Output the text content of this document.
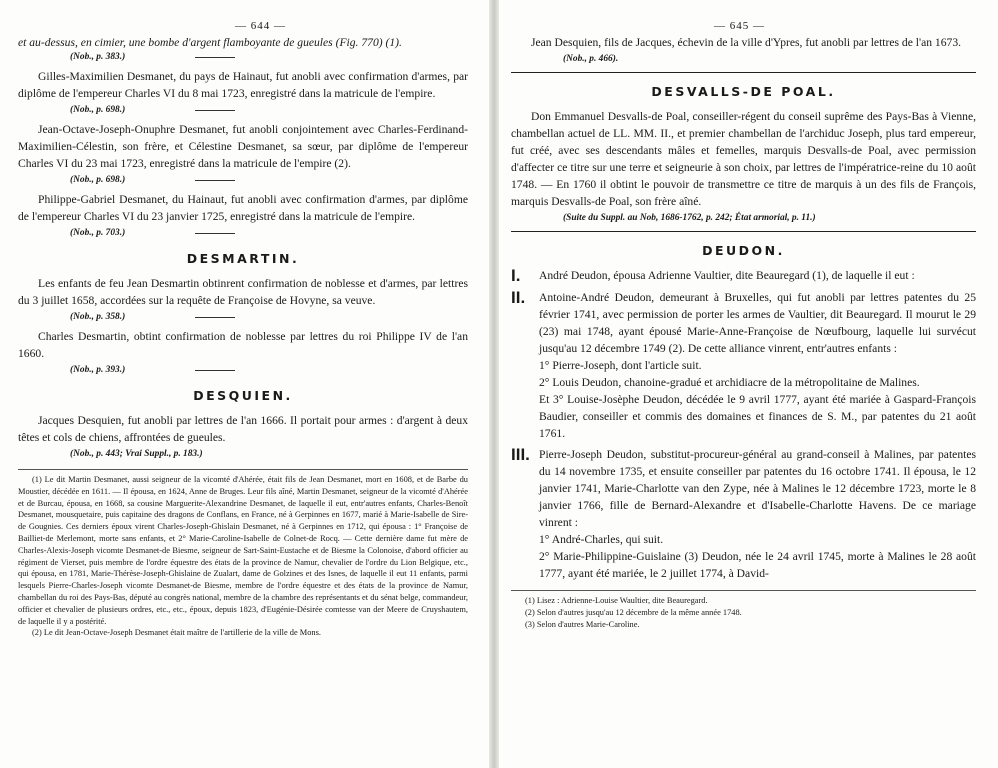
— 644 —

et au-dessus, en cimier, une bombe d'argent flamboyante de gueules (Fig. 770) (1).

(Nob., p. 383.)

Gilles-Maximilien Desmanet, du pays de Hainaut, fut anobli avec confirmation d'armes, par diplôme de l'empereur Charles VI du 8 mai 1723, enregistré dans la matricule de l'empire.

(Nob., p. 698.)

Jean-Octave-Joseph-Onuphre Desmanet, fut anobli conjointement avec Charles-Ferdinand-Maximilien-Célestin, son frère, et Célestine Desmanet, sa sœur, par diplôme de l'empereur Charles VI du 23 mai 1723, enregistré dans la matricule de l'empire (2).

(Nob., p. 698.)

Philippe-Gabriel Desmanet, du Hainaut, fut anobli avec confirmation d'armes, par diplôme de l'empereur Charles VI du 23 janvier 1725, enregistré dans la matricule de l'empire.

(Nob., p. 703.)
DESMARTIN.

Les enfants de feu Jean Desmartin obtinrent confirmation de noblesse et d'armes, par lettres du 3 juillet 1658, accordées sur la requête de Françoise de Hovyne, sa veuve.

(Nob., p. 358.)

Charles Desmartin, obtint confirmation de noblesse par lettres du roi Philippe IV de l'an 1660.

(Nob., p. 393.)
DESQUIEN.

Jacques Desquien, fut anobli par lettres de l'an 1666. Il portait pour armes : d'argent à deux têtes et cols de chiens, affrontées de gueules.

(Nob., p. 443; Vrai Suppl., p. 183.)

(1) Le dit Martin Desmanet, aussi seigneur de la vicomté d'Ahérée, était fils de Jean Desmanet, mort en 1608, et de Barbe du Moustier, décédée en 1611. — Il épousa, en 1624, Anne de Bruges. Leur fils aîné, Martin Desmanet, seigneur de la vicomté d'Ahérée et de Burcau, épousa, en 1668, sa cousine Marguerite-Alexandrine Desmanet, de laquelle il eut, entr'autres enfants, Charles-Benoît Desmanet, mousquetaire, puis capitaine des dragons de Conflans, en France, né à Gerpinnes en 1677, marié à Marie-Isabelle de Sire-de Gougnies. Ces derniers époux virent Charles-Joseph-Ghislain Desmanet, né à Gerpinnes en 1712, qui épousa : 1° Françoise de Bailliet-de Merlemont, morte sans enfants, et 2° Marie-Caroline-Isabelle de Colnet-de Rocq. — Cette dernière dame fut mère de Charles-Alexis-Joseph vicomte Desmanet-de Biesme, seigneur de Sart-Saint-Eustache et de Biesme la Colonoise, d'abord officier au régiment de Vierset, puis membre de l'ordre équestre des états de la province de Namur, chevalier de l'ordre du Lion Belgique, etc., qui épousa, en 1781, Marie-Thérèse-Joseph-Ghislaine de Zualart, dame de Golzines et des Isnes, de laquelle il eut 11 enfants, parmi lesquels Pierre-Charles-Joseph vicomte Desmanet-de Biesme, membre de l'ordre équestre et des états de la province de Namur, chambellan du roi des Pays-Bas, député au congrès national, membre de la chambre des représentants et du sénat belge, commandeur, officier et chevalier de plusieurs ordres, etc., etc., époux, depuis 1823, d'Eugénie-Désirée comtesse van der Meere de Cruyshautem, de laquelle il y a postérité.

(2) Le dit Jean-Octave-Joseph Desmanet était maître de l'artillerie de la ville de Mons.

— 645 —

Jean Desquien, fils de Jacques, échevin de la ville d'Ypres, fut anobli par lettres de l'an 1673.

(Nob., p. 466).
DESVALLS-DE POAL.

Don Emmanuel Desvalls-de Poal, conseiller-régent du conseil suprême des Pays-Bas à Vienne, chambellan actuel de LL. MM. II., et premier chambellan de l'archiduc Joseph, plus tard empereur, fut créé, avec ses descendants mâles et femelles, marquis Desvalls-de Poal, avec permission d'affecter ce titre sur une terre et seigneurie à son choix, par lettres de l'impératrice-reine du 10 août 1748. — En 1760 il obtint le pouvoir de transmettre ce titre de marquis à un des fils de François, marquis Desvalls-de Poal, son frère aîné.

(Suite du Suppl. au Nob, 1686-1762, p. 242; État armorial, p. 11.)
DEUDON.
I.	André Deudon, épousa Adrienne Vaultier, dite Beauregard (1), de laquelle il eut :

II.	Antoine-André Deudon, demeurant à Bruxelles, qui fut anobli par lettres patentes du 25 février 1741, avec permission de porter les armes de Vaultier, dit Beauregard. Il mourut le 29 (23) mai 1748, ayant épousé Marie-Anne-Françoise de Nœufbourg, laquelle lui survécut jusqu'au 12 décembre 1749 (2). De cette alliance vinrent, entr'autres enfants :

1° Pierre-Joseph, dont l'article suit.

2° Louis Deudon, chanoine-gradué et archidiacre de la métropolitaine de Malines.

Et 3° Louise-Josèphe Deudon, décédée le 9 avril 1777, ayant été mariée à Gaspard-François Baudier, conseiller et commis des domaines et finances de S. M., par patentes du 21 août 1761.

III. Pierre-Joseph Deudon, substitut-procureur-général au grand-conseil à Malines, par patentes du 14 novembre 1735, et ensuite conseiller par patentes du 16 octobre 1741. Il épousa, le 12 janvier 1741, Marie-Charlotte van den Zype, née à Malines le 12 décembre 1723, morte le 8 janvier 1766, fille de Bernard-Alexandre et d'Isabelle-Charlotte Havens. De ce mariage vinrent :

1° André-Charles, qui suit.

2° Marie-Philippine-Guislaine (3) Deudon, née le 24 avril 1745, morte à Malines le 28 août 1777, ayant été mariée, le 2 juillet 1774, à David-

(1) Lisez : Adrienne-Louise Waultier, dite Beauregard.

(2) Selon d'autres jusqu'au 12 décembre de la même année 1748.

(3) Selon d'autres Marie-Caroline.
